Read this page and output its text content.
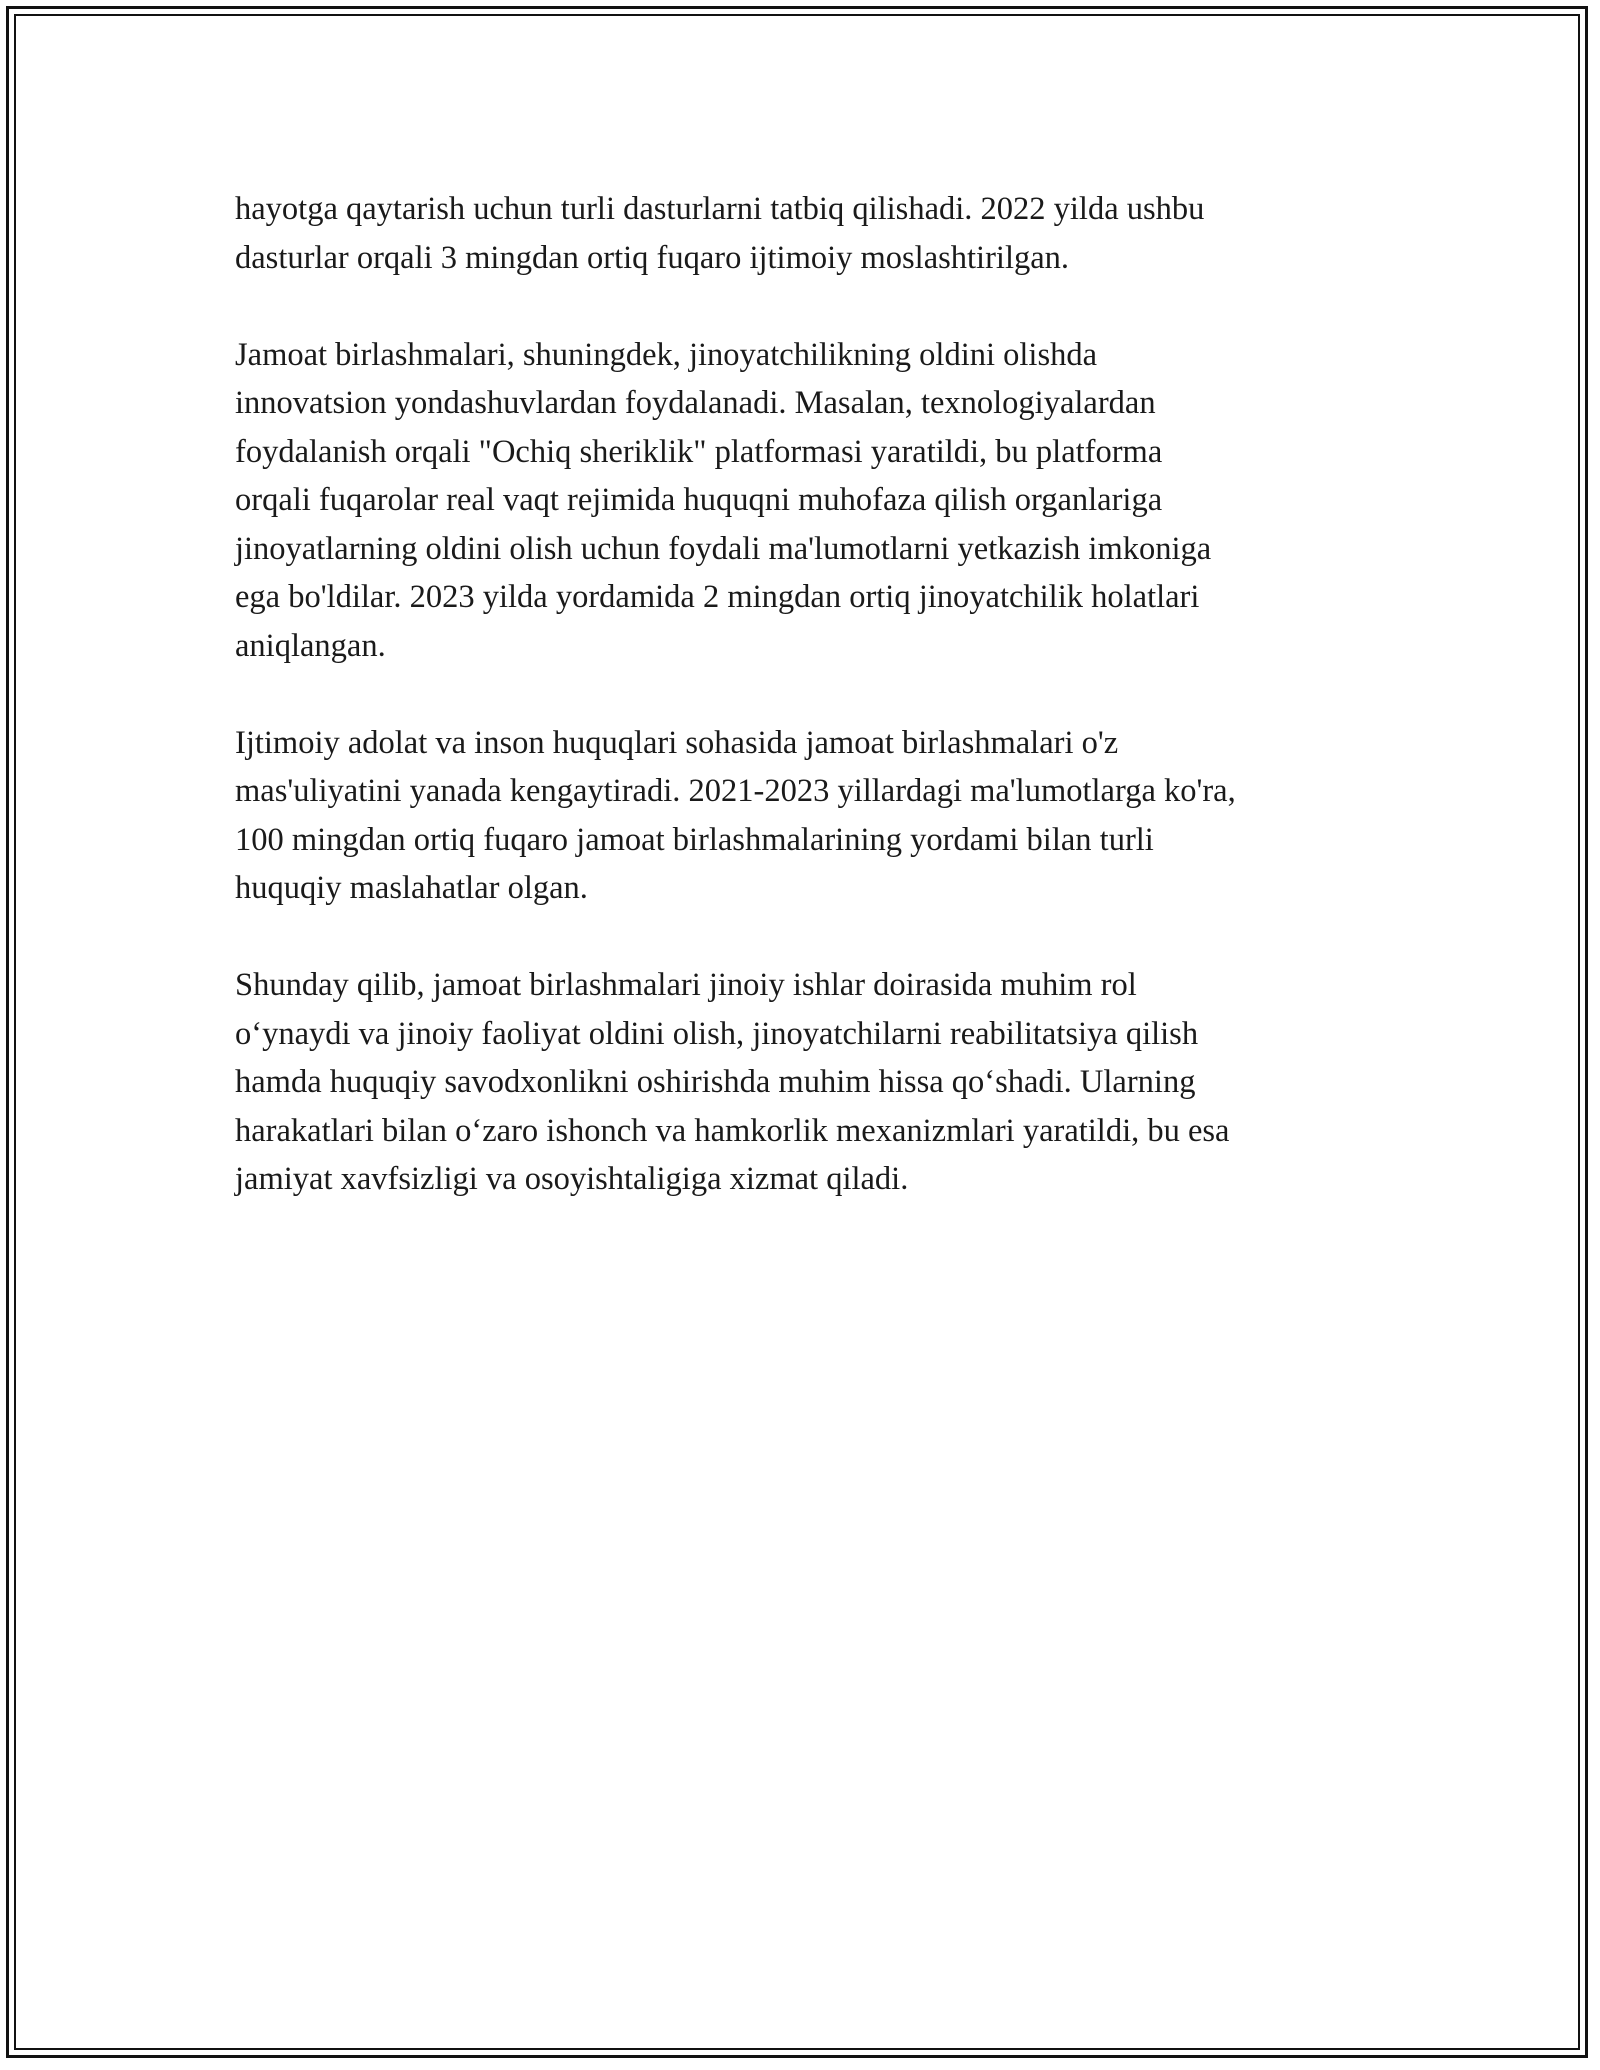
hayotga qaytarish uchun turli dasturlarni tatbiq qilishadi. 2022 yilda ushbu
dasturlar orqali 3 mingdan ortiq fuqaro ijtimoiy moslashtirilgan.

Jamoat birlashmalari, shuningdek, jinoyatchilikning oldini olishda
innovatsion yondashuvlardan foydalanadi. Masalan, texnologiyalardan
foydalanish orqali "Ochiq sheriklik" platformasi yaratildi, bu platforma
orqali fuqarolar real vaqt rejimida huquqni muhofaza qilish organlariga
jinoyatlarning oldini olish uchun foydali ma'lumotlarni yetkazish imkoniga
ega bo'ldilar. 2023 yilda yordamida 2 mingdan ortiq jinoyatchilik holatlari
aniqlangan.

Ijtimoiy adolat va inson huquqlari sohasida jamoat birlashmalari o'z
mas'uliyatini yanada kengaytiradi. 2021-2023 yillardagi ma'lumotlarga ko'ra,
100 mingdan ortiq fuqaro jamoat birlashmalarining yordami bilan turli
huquqiy maslahatlar olgan.

Shunday qilib, jamoat birlashmalari jinoiy ishlar doirasida muhim rol
o‘ynaydi va jinoiy faoliyat oldini olish, jinoyatchilarni reabilitatsiya qilish
hamda huquqiy savodxonlikni oshirishda muhim hissa qo‘shadi. Ularning
harakatlari bilan o‘zaro ishonch va hamkorlik mexanizmlari yaratildi, bu esa
jamiyat xavfsizligi va osoyishtaligiga xizmat qiladi.
